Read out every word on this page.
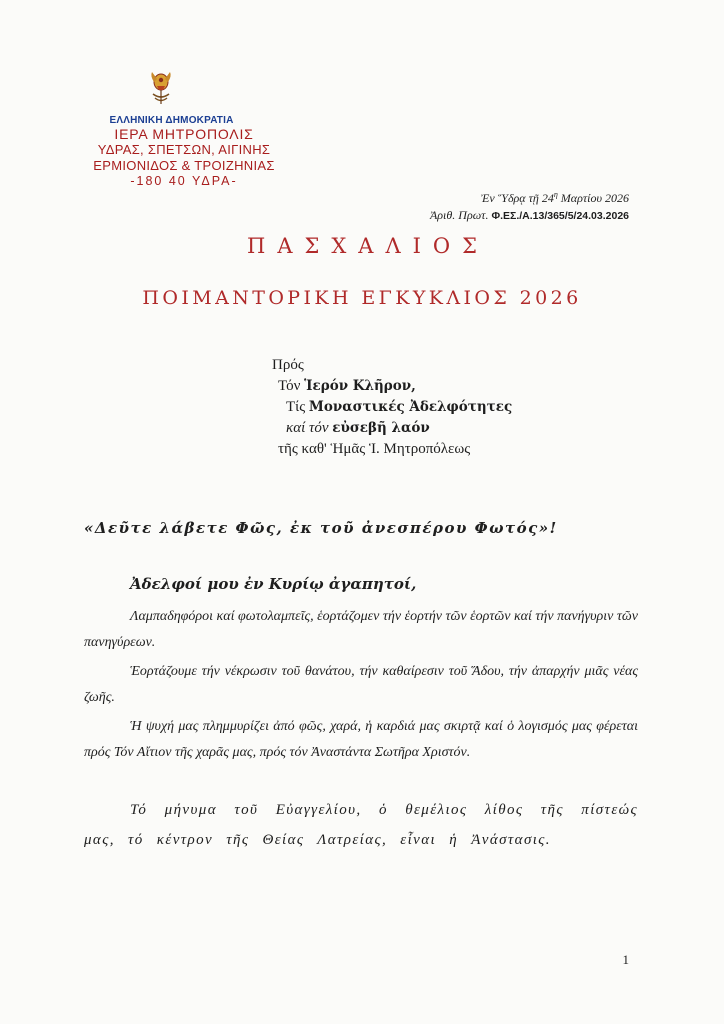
ΕΛΛΗΝΙΚΗ ΔΗΜΟΚΡΑΤΙΑ
ΙΕΡΑ ΜΗΤΡΟΠΟΛΙΣ
ΥΔΡΑΣ, ΣΠΕΤΣΩΝ, ΑΙΓΙΝΗΣ
ΕΡΜΙΟΝΙΔΟΣ & ΤΡΟΙΖΗΝΙΑΣ
-180 40 ΥΔΡΑ-
Ἐν Ὕδρᾳ τῇ $24^\eta$ Μαρτίου 2026
Ἀριθ. Πρωτ. Φ.ΕΣ./Α.13/365/5/24.03.2026
ΠΑΣΧΑΛΙΟΣ
ΠΟΙΜΑΝΤΟΡΙΚΗ ΕΓΚΥΚΛΙΟΣ 2026
Πρός
Τόν Ἱερόν Κλῆρον,
Τίς Μοναστικές Ἀδελφότητες
καί τόν εὐσεβῆ λαόν
τῆς καθ' Ἡμᾶς Ἱ. Μητροπόλεως
«Δεῦτε λάβετε Φῶς, ἐκ τοῦ ἀνεσπέρου Φωτός»!
Ἀδελφοί μου ἐν Κυρίῳ ἀγαπητοί,
Λαμπαδηφόροι καί φωτολαμπεῖς, ἑορτάζομεν τήν ἑορτήν τῶν ἑορτῶν καί τήν πανήγυριν τῶν πανηγύρεων.
Ἑορτάζουμε τήν νέκρωσιν τοῦ θανάτου, τήν καθαίρεσιν τοῦ Ἅδου, τήν ἀπαρχήν μιᾶς νέας ζωῆς.
Ἡ ψυχή μας πλημμυρίζει ἀπό φῶς, χαρά, ἡ καρδιά μας σκιρτᾷ καί ὁ λογισμός μας φέρεται πρός Τόν Αἴτιον τῆς χαρᾶς μας, πρός τόν Ἀναστάντα Σωτῆρα Χριστόν.
Τό μήνυμα τοῦ Εὐαγγελίου, ὁ θεμέλιος λίθος τῆς πίστεώς μας, τό κέντρον τῆς Θείας Λατρείας, εἶναι ἡ Ἀνάστασις.
1
